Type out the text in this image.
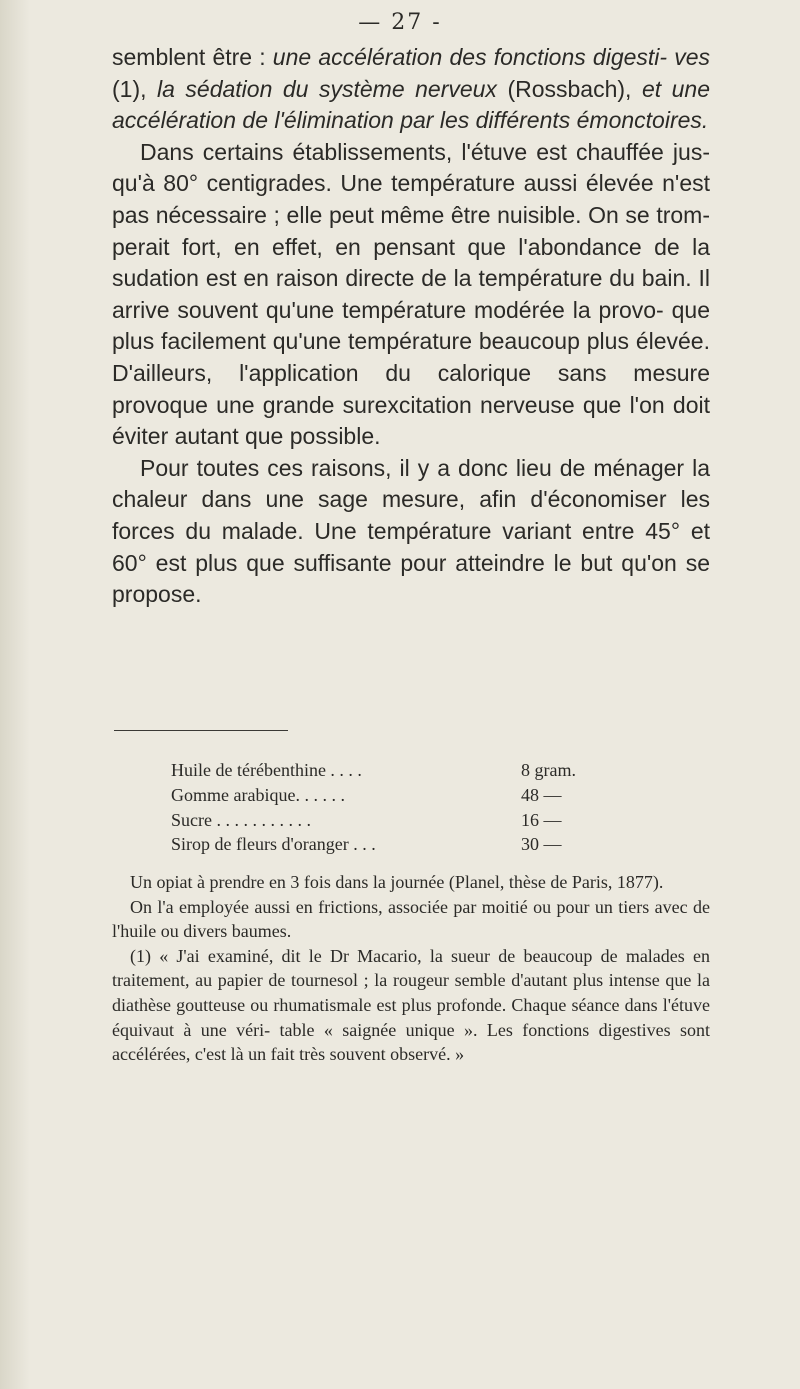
— 27 -

semblent être : une accélération des fonctions digesti- ves (1), la sédation du système nerveux (Rossbach), et une accélération de l'élimination par les différents émonctoires.

Dans certains établissements, l'étuve est chauffée jus- qu'à 80° centigrades. Une température aussi élevée n'est pas nécessaire ; elle peut même être nuisible. On se trom- perait fort, en effet, en pensant que l'abondance de la sudation est en raison directe de la température du bain. Il arrive souvent qu'une température modérée la provo- que plus facilement qu'une température beaucoup plus élevée. D'ailleurs, l'application du calorique sans mesure provoque une grande surexcitation nerveuse que l'on doit éviter autant que possible.

Pour toutes ces raisons, il y a donc lieu de ménager la chaleur dans une sage mesure, afin d'économiser les forces du malade. Une température variant entre 45° et 60° est plus que suffisante pour atteindre le but qu'on se propose.

Huile de térébenthine . . . .	8 gram.
Gomme arabique. . . . . .	48 —
Sucre . . . . . . . . . . .	16 —
Sirop de fleurs d'oranger . . .	30 —

Un opiat à prendre en 3 fois dans la journée (Planel, thèse de Paris, 1877).

On l'a employée aussi en frictions, associée par moitié ou pour un tiers avec de l'huile ou divers baumes.

(1) « J'ai examiné, dit le Dr Macario, la sueur de beaucoup de malades en traitement, au papier de tournesol ; la rougeur semble d'autant plus intense que la diathèse goutteuse ou rhumatismale est plus profonde. Chaque séance dans l'étuve équivaut à une véri- table « saignée unique ». Les fonctions digestives sont accélérées, c'est là un fait très souvent observé. »
